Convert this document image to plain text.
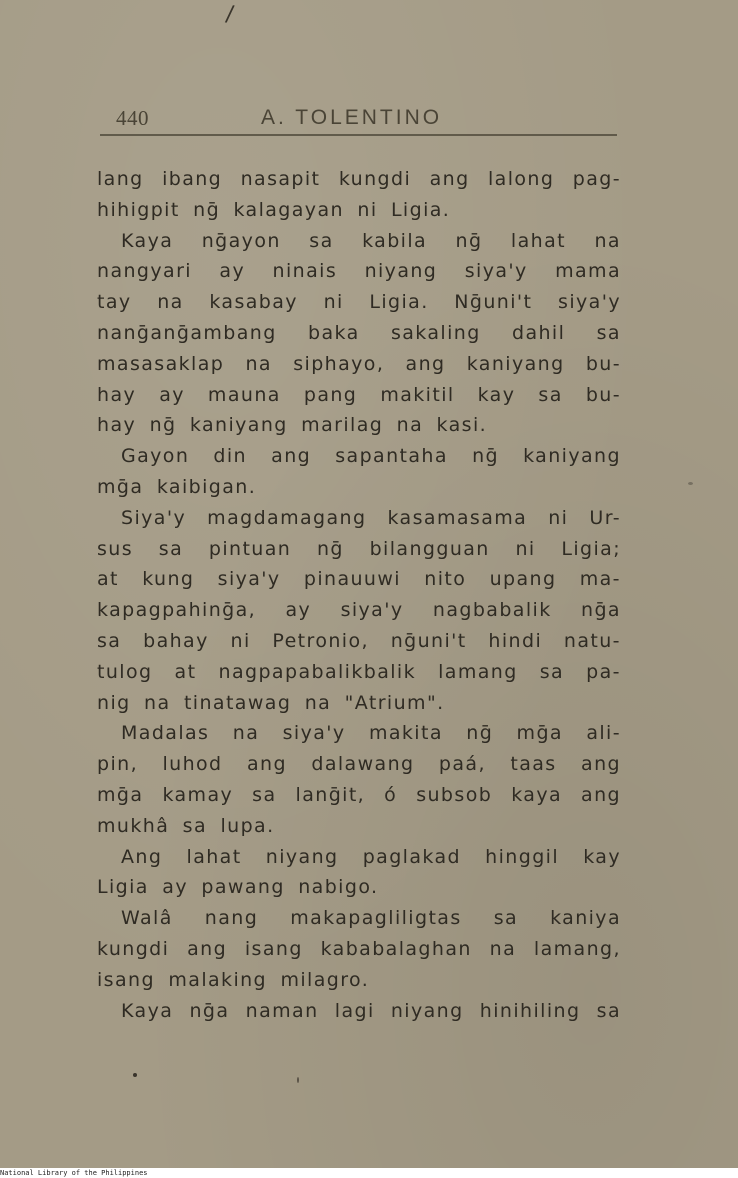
/
440	A. TOLENTINO
lang ibang nasapit kungdi ang lalong pag-
hihigpit nḡ kalagayan ni Ligia.
Kaya nḡayon sa kabila nḡ lahat na
nangyari ay ninais niyang siya'y mama
tay na kasabay ni Ligia. Nḡuni't siya'y
nanḡanḡambang baka sakaling dahil sa
masasaklap na siphayo, ang kaniyang bu-
hay ay mauna pang makitil kay sa bu-
hay nḡ kaniyang marilag na kasi.
Gayon din ang sapantaha nḡ kaniyang
mḡa kaibigan.
Siya'y magdamagang kasamasama ni Ur-
sus sa pintuan nḡ bilangguan ni Ligia;
at kung siya'y pinauuwi nito upang ma-
kapagpahinḡa, ay siya'y nagbabalik nḡa
sa bahay ni Petronio, nḡuni't hindi natu-
tulog at nagpapabalikbalik lamang sa pa-
nig na tinatawag na "Atrium".
Madalas na siya'y makita nḡ mḡa ali-
pin, luhod ang dalawang paá, taas ang
mḡa kamay sa lanḡit, ó subsob kaya ang
mukhâ sa lupa.
Ang lahat niyang paglakad hinggil kay
Ligia ay pawang nabigo.
Walâ nang makapagliligtas sa kaniya
kungdi ang isang kababalaghan na lamang,
isang malaking milagro.
Kaya nḡa naman lagi niyang hinihiling sa
National Library of the Philippines
